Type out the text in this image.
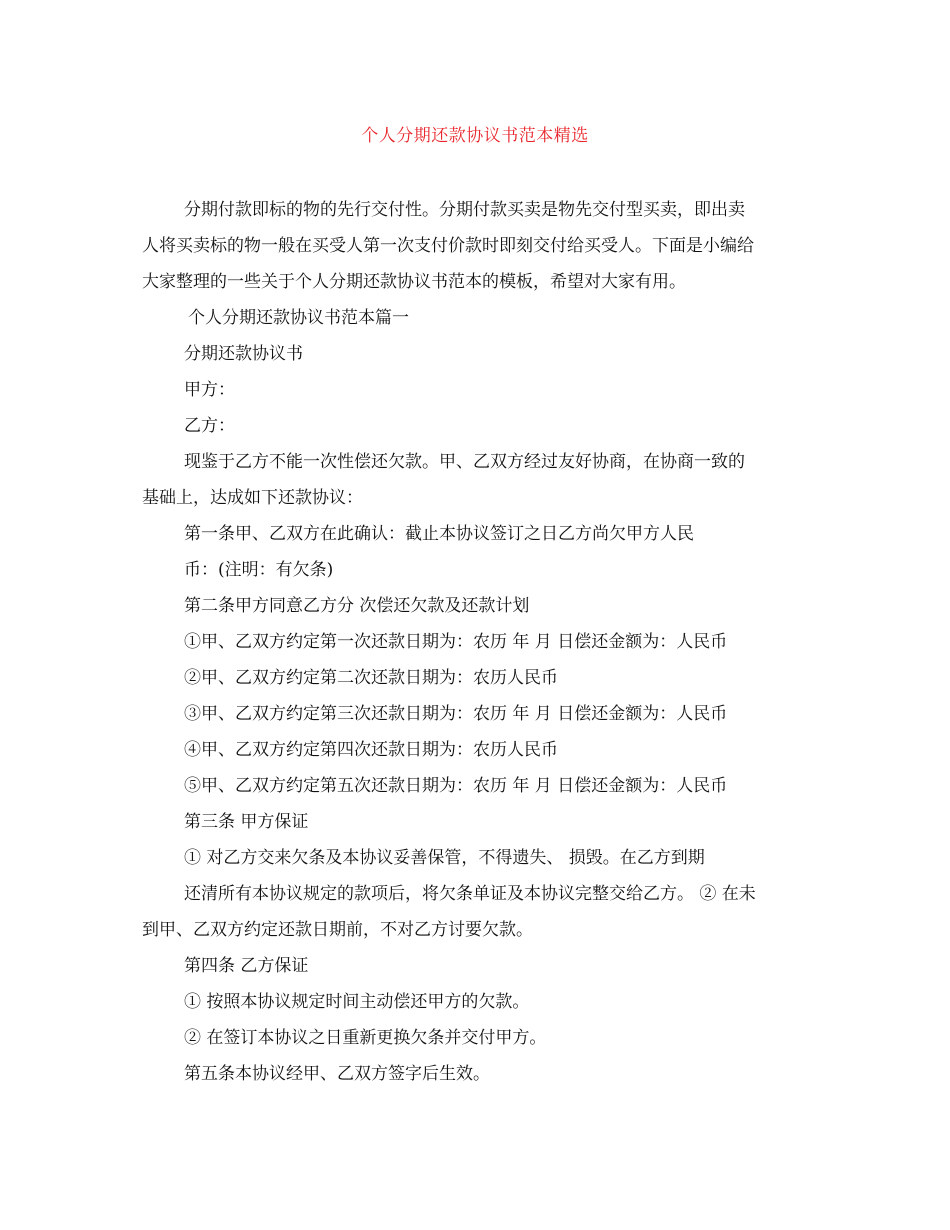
个人分期还款协议书范本精选

分期付款即标的物的先行交付性。分期付款买卖是物先交付型买卖，即出卖

人将买卖标的物一般在买受人第一次支付价款时即刻交付给买受人。下面是小编给

大家整理的一些关于个人分期还款协议书范本的模板，希望对大家有用。

个人分期还款协议书范本篇一

分期还款协议书

甲方：

乙方：

现鉴于乙方不能一次性偿还欠款。甲、乙双方经过友好协商，在协商一致的

基础上，达成如下还款协议：

第一条甲、乙双方在此确认：截止本协议签订之日乙方尚欠甲方人民

币：(注明：有欠条)

第二条甲方同意乙方分 次偿还欠款及还款计划

①甲、乙双方约定第一次还款日期为：农历 年 月 日偿还金额为：人民币

②甲、乙双方约定第二次还款日期为：农历人民币

③甲、乙双方约定第三次还款日期为：农历 年 月 日偿还金额为：人民币

④甲、乙双方约定第四次还款日期为：农历人民币

⑤甲、乙双方约定第五次还款日期为：农历 年 月 日偿还金额为：人民币

第三条 甲方保证

① 对乙方交来欠条及本协议妥善保管，不得遗失、 损毁。在乙方到期

还清所有本协议规定的款项后，将欠条单证及本协议完整交给乙方。 ② 在未

到甲、乙双方约定还款日期前，不对乙方讨要欠款。

第四条 乙方保证

① 按照本协议规定时间主动偿还甲方的欠款。

② 在签订本协议之日重新更换欠条并交付甲方。

第五条本协议经甲、乙双方签字后生效。
